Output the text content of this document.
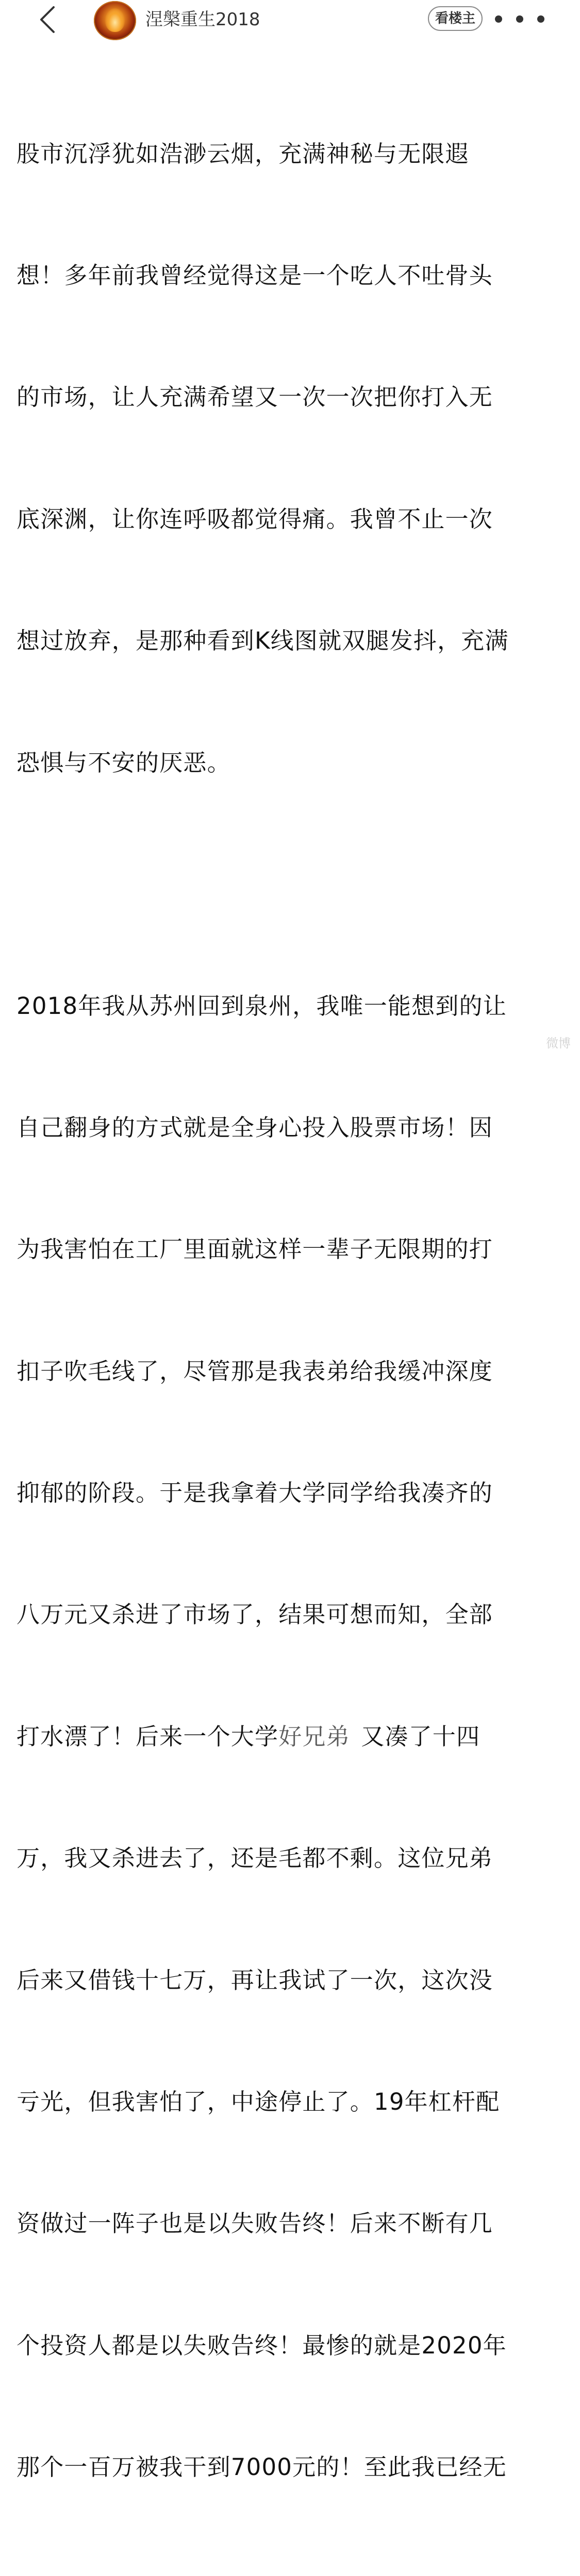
涅槃重生2018	看楼主

股市沉浮犹如浩渺云烟，充满神秘与无限遐

想！多年前我曾经觉得这是一个吃人不吐骨头

的市场，让人充满希望又一次一次把你打入无

底深渊，让你连呼吸都觉得痛。我曾不止一次

想过放弃，是那种看到K线图就双腿发抖，充满

恐惧与不安的厌恶。

2018年我从苏州回到泉州，我唯一能想到的让

自己翻身的方式就是全身心投入股票市场！因

为我害怕在工厂里面就这样一辈子无限期的打

扣子吹毛线了，尽管那是我表弟给我缓冲深度

抑郁的阶段。于是我拿着大学同学给我凑齐的

八万元又杀进了市场了，结果可想而知，全部

打水漂了！后来一个大学好兄弟 又凑了十四

万，我又杀进去了，还是毛都不剩。这位兄弟

后来又借钱十七万，再让我试了一次，这次没

亏光，但我害怕了，中途停止了。19年杠杆配

资做过一阵子也是以失败告终！后来不断有几

个投资人都是以失败告终！最惨的就是2020年

那个一百万被我干到7000元的！至此我已经无

微博
